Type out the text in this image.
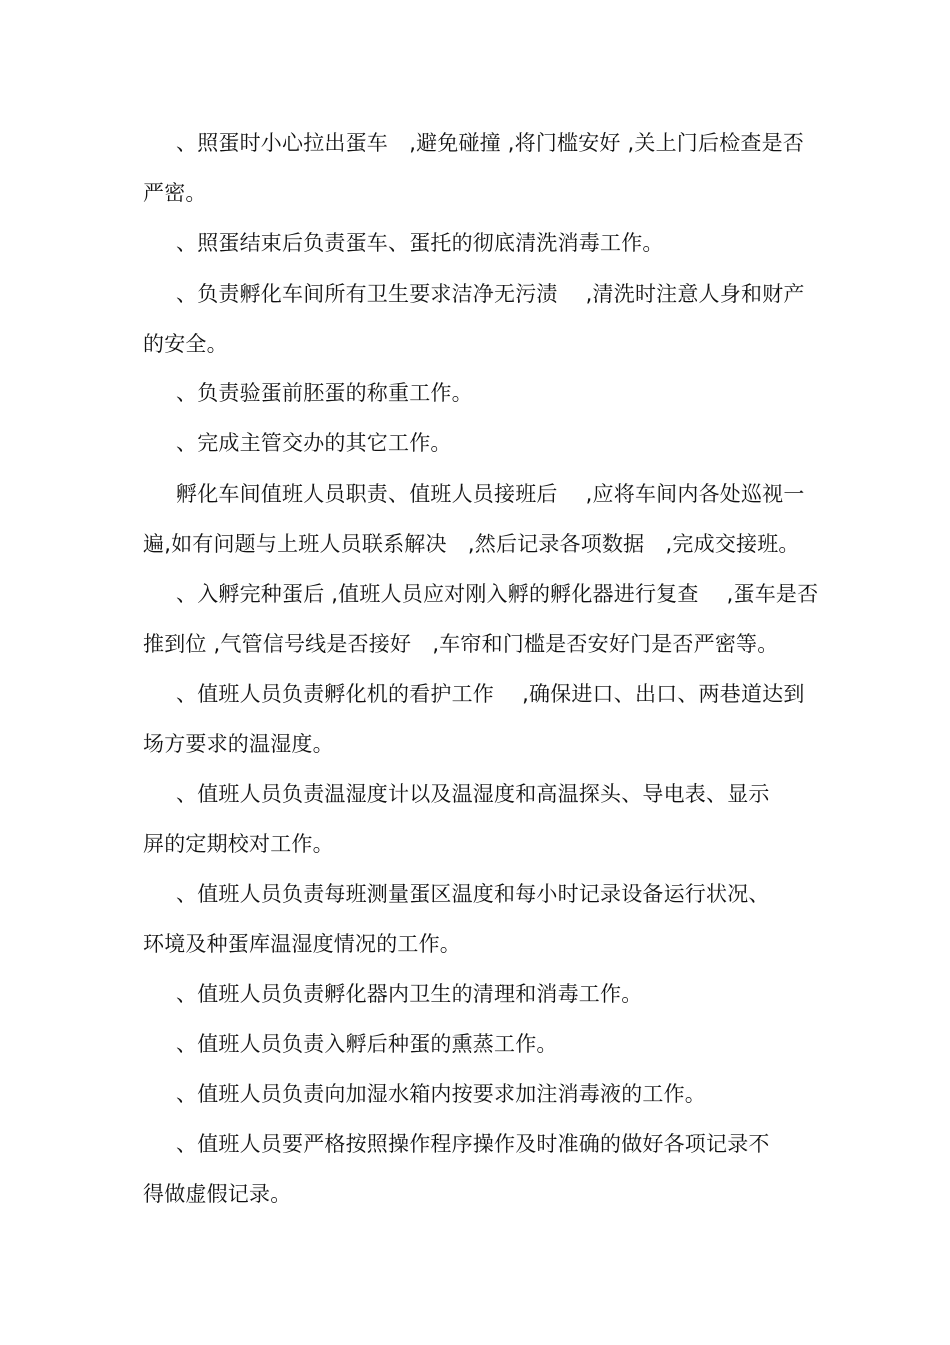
、照蛋时小心拉出蛋车　,避免碰撞 ,将门槛安好 ,关上门后检查是否
严密。
、照蛋结束后负责蛋车、蛋托的彻底清洗消毒工作。
、负责孵化车间所有卫生要求洁净无污渍　 ,清洗时注意人身和财产
的安全。
、负责验蛋前胚蛋的称重工作。
、完成主管交办的其它工作。
孵化车间值班人员职责、值班人员接班后　 ,应将车间内各处巡视一
遍,如有问题与上班人员联系解决　,然后记录各项数据　,完成交接班。
、入孵完种蛋后 ,值班人员应对刚入孵的孵化器进行复查　 ,蛋车是否
推到位 ,气管信号线是否接好　,车帘和门槛是否安好门是否严密等。
、值班人员负责孵化机的看护工作　 ,确保进口、出口、两巷道达到
场方要求的温湿度。
、值班人员负责温湿度计以及温湿度和高温探头、导电表、显示
屏的定期校对工作。
、值班人员负责每班测量蛋区温度和每小时记录设备运行状况、
环境及种蛋库温湿度情况的工作。
、值班人员负责孵化器内卫生的清理和消毒工作。
、值班人员负责入孵后种蛋的熏蒸工作。
、值班人员负责向加湿水箱内按要求加注消毒液的工作。
、值班人员要严格按照操作程序操作及时准确的做好各项记录不
得做虚假记录。
